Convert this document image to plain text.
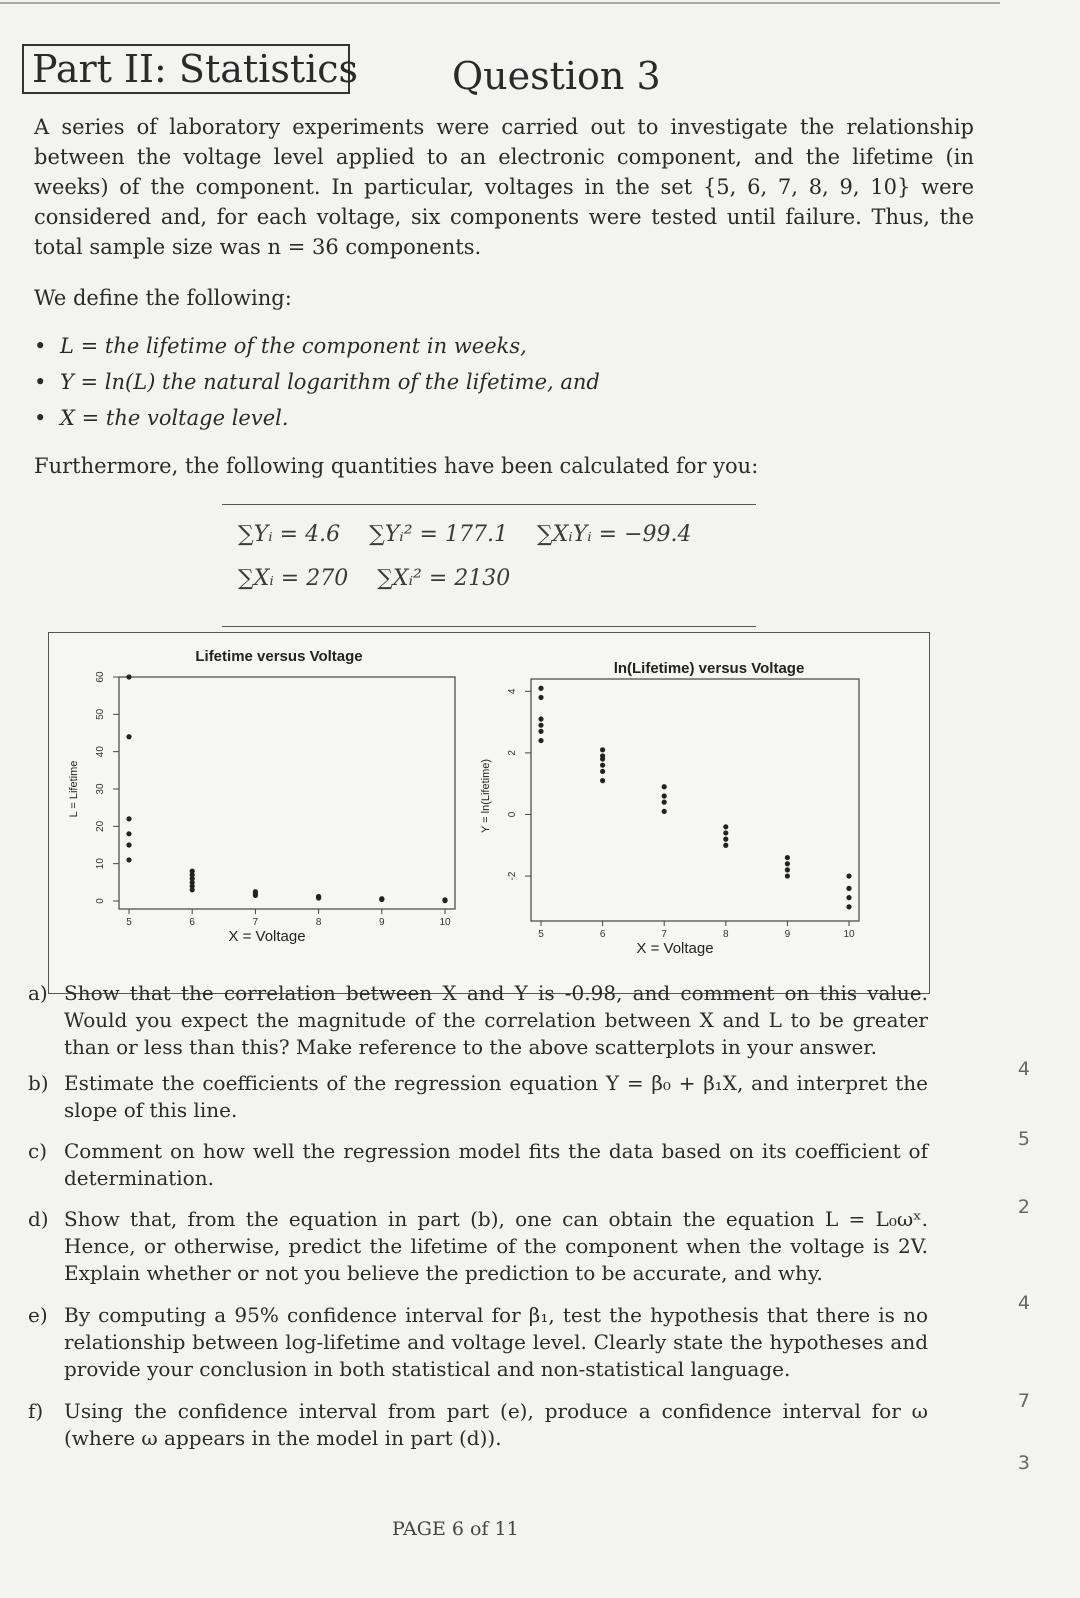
Part II: Statistics Question 3
A series of laboratory experiments were carried out to investigate the relationship between the voltage level applied to an electronic component, and the lifetime (in weeks) of the component. In particular, voltages in the set {5, 6, 7, 8, 9, 10} were considered and, for each voltage, six components were tested until failure. Thus, the total sample size was n = 36 components.
We define the following:
• L = the lifetime of the component in weeks,
• Y = ln(L) the natural logarithm of the lifetime, and
• X = the voltage level.
Furthermore, the following quantities have been calculated for you:
∑Yᵢ = 4.6 ∑Yᵢ² = 177.1 ∑XᵢYᵢ = −99.4
∑Xᵢ = 270 ∑Xᵢ² = 2130
Lifetime versus Voltage
5	6	7	8	9	10
X = Voltage
0
10
20
30
40
50
60
L = Lifetime
ln(Lifetime) versus Voltage
5	6	7	8	9	10
X = Voltage
-2
0
2
4
Y = ln(Lifetime)
a) Show that the correlation between X and Y is -0.98, and comment on this value. Would you expect the magnitude of the correlation between X and L to be greater than or less than this? Make reference to the above scatterplots in your answer.
b) Estimate the coefficients of the regression equation Y = β₀ + β₁X, and interpret the slope of this line.
c) Comment on how well the regression model fits the data based on its coefficient of determination.
d) Show that, from the equation in part (b), one can obtain the equation L = L₀ωˣ. Hence, or otherwise, predict the lifetime of the component when the voltage is 2V. Explain whether or not you believe the prediction to be accurate, and why.
e) By computing a 95% confidence interval for β₁, test the hypothesis that there is no relationship between log-lifetime and voltage level. Clearly state the hypotheses and provide your conclusion in both statistical and non-statistical language.
f) Using the confidence interval from part (e), produce a confidence interval for ω (where ω appears in the model in part (d)).
4
5
2
4
7
3
PAGE 6 of 11
